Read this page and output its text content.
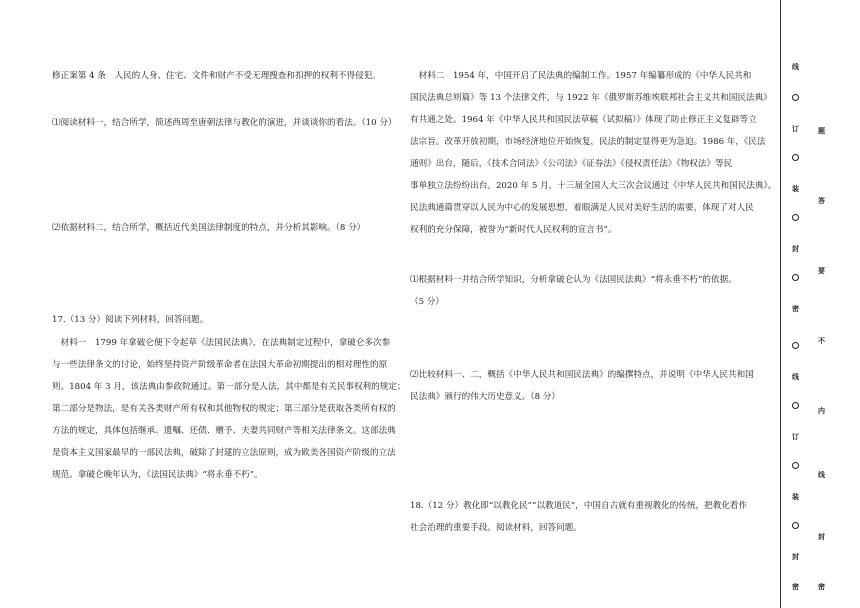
修正案第 4 条　人民的人身、住宅、文件和财产不受无理搜查和扣押的权利不得侵犯。
⑴阅读材料一，结合所学，简述西周至唐朝法律与教化的演进，并谈谈你的看法。（10 分）
⑵依据材料二，结合所学，概括近代美国法律制度的特点，并分析其影响。（8 分）
17.（13 分）阅读下列材料，回答问题。
　材料一　1799 年拿破仑便下令起草《法国民法典》，在法典制定过程中，拿破仑多次参
与一些法律条文的讨论，始终坚持资产阶级革命者在法国大革命初期提出的相对理性的原
则。1804 年 3 月，该法典由参政院通过。第一部分是人法，其中都是有关民事权利的规定；
第二部分是物法，是有关各类财产所有权和其他物权的规定；第三部分是获取各类所有权的
方法的规定，具体包括继承、遗嘱、还债、赠予、夫妻共同财产等相关法律条文。这部法典
是资本主义国家最早的一部民法典，破除了封建的立法原则，成为欧美各国资产阶级的立法
规范。拿破仑晚年认为，《法国民法典》“将永垂不朽”。
　材料二　1954 年，中国开启了民法典的编制工作。1957 年编纂形成的《中华人民共和
国民法典总则篇》等 13 个法律文件，与 1922 年《俄罗斯苏维埃联邦社会主义共和国民法典》
有共通之处。1964 年《中华人民共和国民法草稿（试拟稿）》体现了防止修正主义复辟等立
法宗旨。改革开放初期，市场经济地位开始恢复，民法的制定显得更为急迫。1986 年，《民法
通则》出台，随后，《技术合同法》《公司法》《证券法》《侵权责任法》《物权法》等民
事单独立法纷纷出台。2020 年 5 月，十三届全国人大三次会议通过《中华人民共和国民法典》。
民法典通篇贯穿以人民为中心的发展思想，着眼满足人民对美好生活的需要，体现了对人民
权利的充分保障，被誉为“新时代人民权利的宣言书”。
⑴根据材料一并结合所学知识，分析拿破仑认为《法国民法典》“将永垂不朽”的依据。
（5 分）
⑵比较材料一、二，概括《中华人民共和国民法典》的编撰特点，并说明《中华人民共和国
民法典》颁行的伟大历史意义。（8 分）
18.（12 分）教化即“以教化民”“以教道民”，中国自古就有重视教化的传统，把教化看作
社会治理的重要手段。阅读材料，回答问题。
线
订
装
封
密
线
订
装
封
密
题
答
要
不
内
线
封
密
